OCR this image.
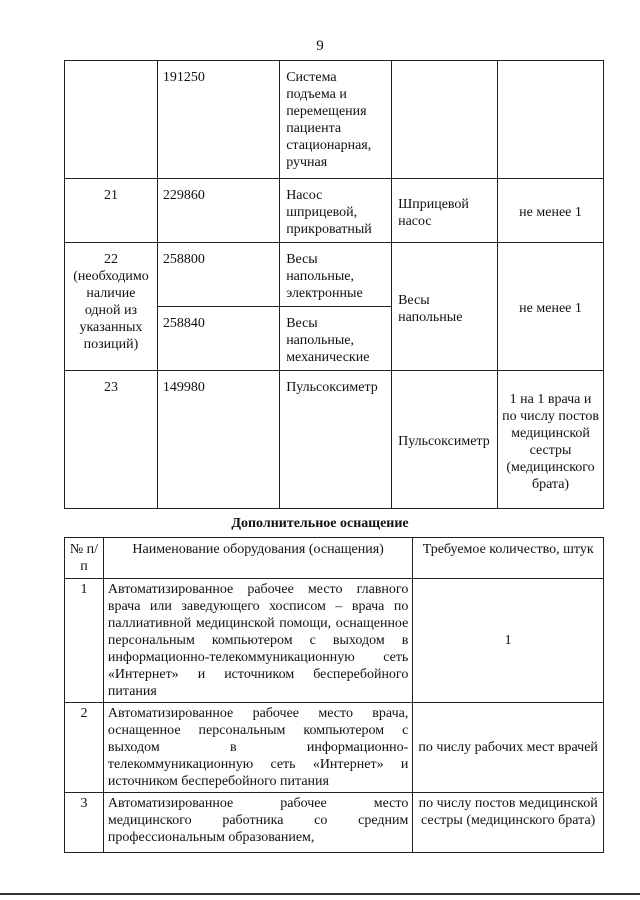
9
	191250	Система подъема и перемещения пациента стационарная, ручная		
21	229860	Насос шприцевой, прикроватный	Шприцевой насос	не менее 1
22 (необходимо наличие одной из указанных позиций)	258800	Весы напольные, электронные	Весы напольные	не менее 1
	258840	Весы напольные, механические		
23	149980	Пульсоксиметр	Пульсоксиметр	1 на 1 врача и по числу постов медицинской сестры (медицинского брата)
Дополнительное оснащение
№ п/п	Наименование оборудования (оснащения)	Требуемое количество, штук
1	Автоматизированное рабочее место главного врача или заведующего хосписом – врача по паллиативной медицинской помощи, оснащенное персональным компьютером с выходом в информационно-телекоммуникационную сеть «Интернет» и источником бесперебойного питания	1
2	Автоматизированное рабочее место врача, оснащенное персональным компьютером с выходом в информационно-телекоммуникационную сеть «Интернет» и источником бесперебойного питания	по числу рабочих мест врачей
3	Автоматизированное рабочее место медицинского работника со средним профессиональным образованием,	по числу постов медицинской сестры (медицинского брата)
